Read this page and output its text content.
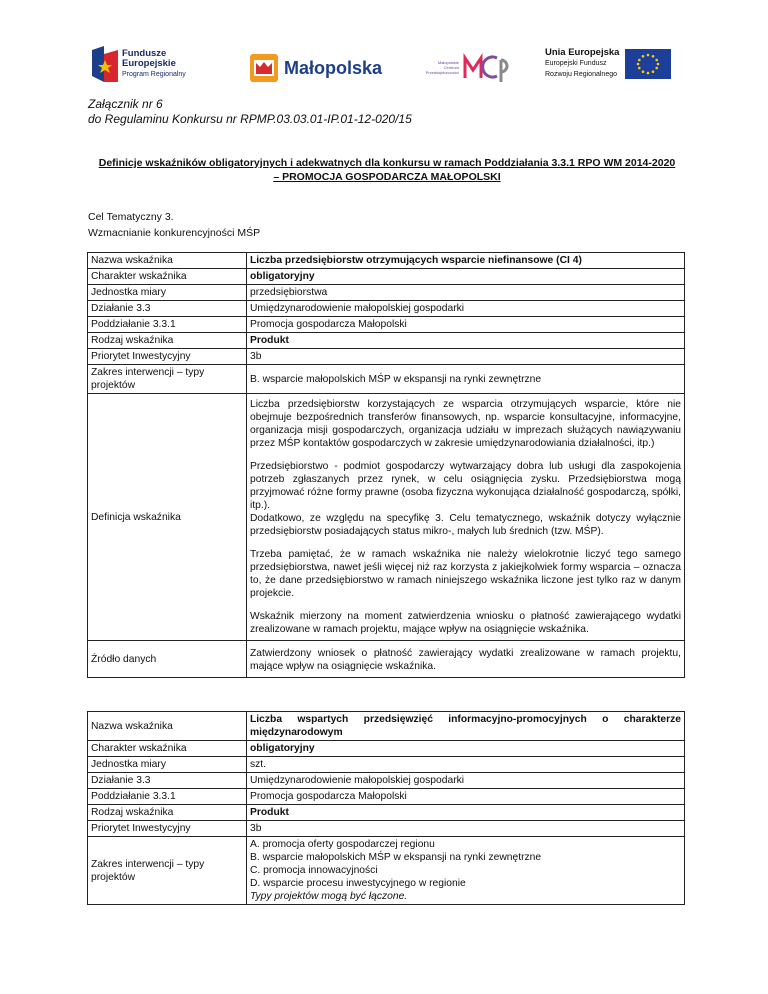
Fundusze
Europejskie
Program Regionalny	Małopolska	Małopolskie
Centrum
Przedsiębiorczości
Unia Europejska
Europejski Fundusz
Rozwoju Regionalnego
Załącznik nr 6
do Regulaminu Konkursu nr RPMP.03.03.01-IP.01-12-020/15
Definicje wskaźników obligatoryjnych i adekwatnych dla konkursu w ramach Poddziałania 3.3.1 RPO WM 2014-2020
– PROMOCJA GOSPODARCZA MAŁOPOLSKI
Cel Tematyczny 3.
Wzmacnianie konkurencyjności MŚP
Nazwa wskaźnika	Liczba przedsiębiorstw otrzymujących wsparcie niefinansowe (CI 4)
Charakter wskaźnika	obligatoryjny
Jednostka miary	przedsiębiorstwa
Działanie 3.3	Umiędzynarodowienie małopolskiej gospodarki
Poddziałanie 3.3.1	Promocja gospodarcza Małopolski
Rodzaj wskaźnika	Produkt
Priorytet Inwestycyjny	3b
Zakres interwencji – typy projektów	B. wsparcie małopolskich MŚP w ekspansji na rynki zewnętrzne
Definicja wskaźnika	Liczba przedsiębiorstw korzystających ze wsparcia otrzymujących wsparcie, które nie obejmuje bezpośrednich transferów finansowych, np. wsparcie konsultacyjne, informacyjne, organizacja misji gospodarczych, organizacja udziału w imprezach służących nawiązywaniu przez MŚP kontaktów gospodarczych w zakresie umiędzynarodowiania działalności, itp.)

Przedsiębiorstwo - podmiot gospodarczy wytwarzający dobra lub usługi dla zaspokojenia potrzeb zgłaszanych przez rynek, w celu osiągnięcia zysku. Przedsiębiorstwa mogą przyjmować różne formy prawne (osoba fizyczna wykonująca działalność gospodarczą, spółki, itp.).

Dodatkowo, ze względu na specyfikę 3. Celu tematycznego, wskaźnik dotyczy wyłącznie przedsiębiorstw posiadających status mikro-, małych lub średnich (tzw. MŚP).

Trzeba pamiętać, że w ramach wskaźnika nie należy wielokrotnie liczyć tego samego przedsiębiorstwa, nawet jeśli więcej niż raz korzysta z jakiejkolwiek formy wsparcia – oznacza to, że dane przedsiębiorstwo w ramach niniejszego wskaźnika liczone jest tylko raz w danym projekcie.

Wskaźnik mierzony na moment zatwierdzenia wniosku o płatność zawierającego wydatki zrealizowane w ramach projektu, mające wpływ na osiągnięcie wskaźnika.

Źródło danych	Zatwierdzony wniosek o płatność zawierający wydatki zrealizowane w ramach projektu, mające wpływ na osiągnięcie wskaźnika.
Nazwa wskaźnika	Liczba wspartych przedsięwzięć informacyjno-promocyjnych o charakterze międzynarodowym
Charakter wskaźnika	obligatoryjny
Jednostka miary	szt.
Działanie 3.3	Umiędzynarodowienie małopolskiej gospodarki
Poddziałanie 3.3.1	Promocja gospodarcza Małopolski
Rodzaj wskaźnika	Produkt
Priorytet Inwestycyjny	3b
Zakres interwencji – typy projektów	A. promocja oferty gospodarczej regionu
B. wsparcie małopolskich MŚP w ekspansji na rynki zewnętrzne
C. promocja innowacyjności
D. wsparcie procesu inwestycyjnego w regionie
Typy projektów mogą być łączone.
